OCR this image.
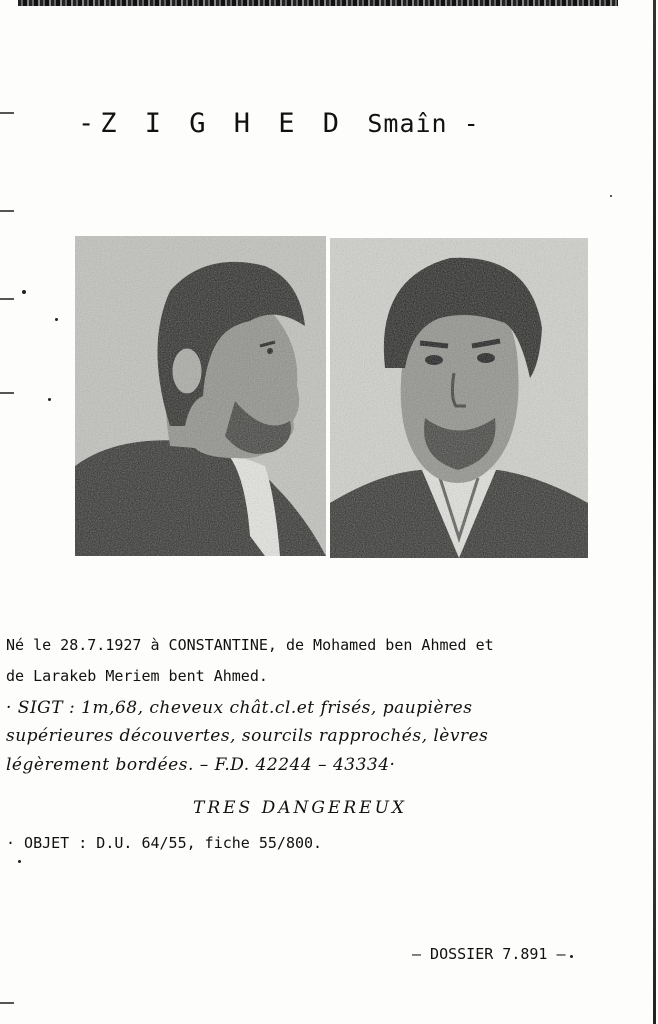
-Z I G H E D Smaîn -
Né le 28.7.1927 à CONSTANTINE, de Mohamed ben Ahmed et
de Larakeb Meriem bent Ahmed.
· SIGT : 1m,68, cheveux chât.cl.et frisés, paupières
supérieures découvertes, sourcils rapprochés, lèvres
légèrement bordées. – F.D. 42244 – 43334·
TRES DANGEREUX
· OBJET : D.U. 64/55, fiche 55/800.
– DOSSIER 7.891 –
